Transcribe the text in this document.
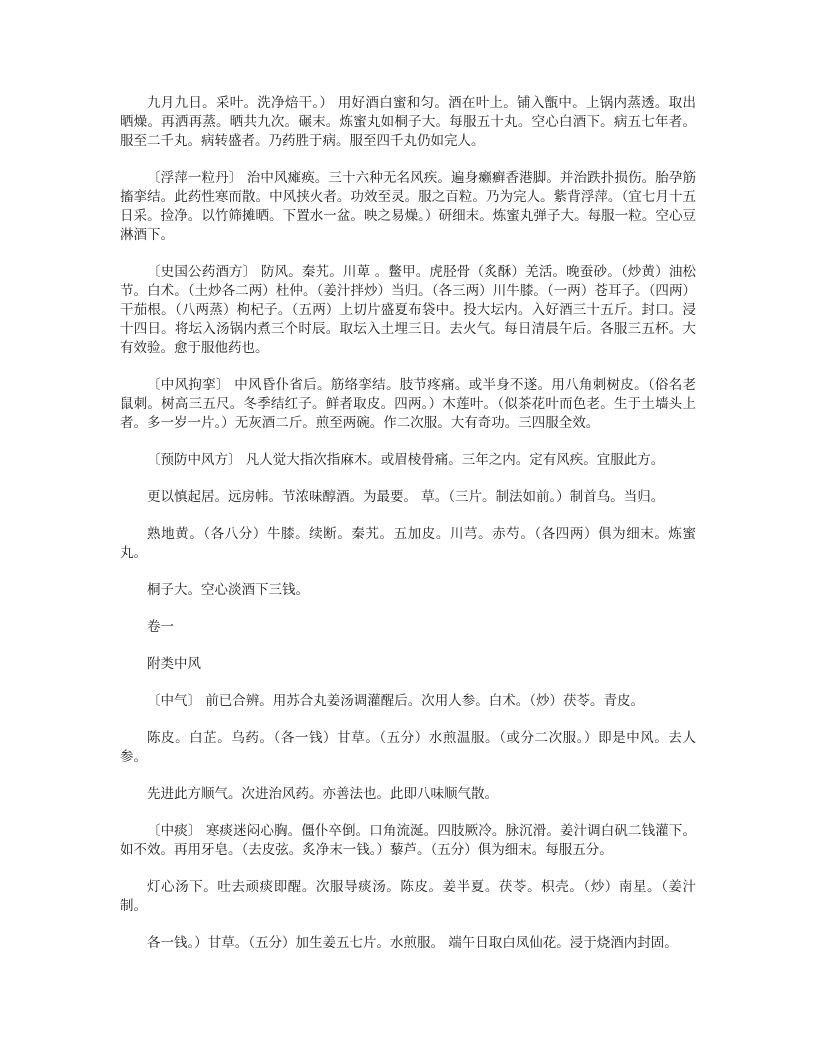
九月九日。采叶。洗净焙干。） 用好酒白蜜和匀。酒在叶上。铺入甑中。上锅内蒸透。取出晒燥。再洒再蒸。晒共九次。碾末。炼蜜丸如桐子大。每服五十丸。空心白酒下。病五七年者。服至二千丸。病转盛者。乃药胜于病。服至四千丸仍如完人。

〔浮萍一粒丹〕 治中风瘫痪。三十六种无名风疾。遍身癞癣香港脚。并治跌扑损伤。胎孕筋搐挛结。此药性寒而散。中风挟火者。功效至灵。服之百粒。乃为完人。紫背浮萍。（宜七月十五日采。捡净。以竹筛摊晒。下置水一盆。映之易燥。）研细末。炼蜜丸弹子大。每服一粒。空心豆淋酒下。

〔史国公药酒方〕 防风。秦艽。川萆 。鳖甲。虎胫骨（炙酥）羌活。晚蚕砂。（炒黄）油松节。白术。（土炒各二两）杜仲。（姜汁拌炒）当归。（各三两）川牛膝。（一两）苍耳子。（四两）干茄根。（八两蒸）枸杞子。（五两）上切片盛夏布袋中。投大坛内。入好酒三十五斤。封口。浸十四日。将坛入汤锅内煮三个时辰。取坛入土埋三日。去火气。每日清晨午后。各服三五杯。大有效验。愈于服他药也。

〔中风拘挛〕 中风昏仆省后。筋络挛结。肢节疼痛。或半身不遂。用八角刺树皮。（俗名老鼠刺。树高三五尺。冬季结红子。鲜者取皮。四两。）木莲叶。（似茶花叶而色老。生于土墙头上者。多一岁一片。）无灰酒二斤。煎至两碗。作二次服。大有奇功。三四服全效。

〔预防中风方〕 凡人觉大指次指麻木。或眉棱骨痛。三年之内。定有风疾。宜服此方。

更以慎起居。远房帏。节浓味醇酒。为最要。 草。（三片。制法如前。）制首乌。当归。

熟地黄。（各八分）牛膝。续断。秦艽。五加皮。川芎。赤芍。（各四两）俱为细末。炼蜜丸。

桐子大。空心淡酒下三钱。

卷一

附类中风

〔中气〕 前已合辨。用苏合丸姜汤调灌醒后。次用人参。白术。（炒）茯苓。青皮。

陈皮。白芷。乌药。（各一钱）甘草。（五分）水煎温服。（或分二次服。）即是中风。去人参。

先进此方顺气。次进治风药。亦善法也。此即八味顺气散。

〔中痰〕 寒痰迷闷心胸。僵仆卒倒。口角流涎。四肢厥冷。脉沉滑。姜汁调白矾二钱灌下。如不效。再用牙皂。（去皮弦。炙净末一钱。）藜芦。（五分）俱为细末。每服五分。

灯心汤下。吐去顽痰即醒。次服导痰汤。陈皮。姜半夏。茯苓。枳壳。（炒）南星。（姜汁制。

各一钱。）甘草。（五分）加生姜五七片。水煎服。 端午日取白凤仙花。浸于烧酒内封固。
